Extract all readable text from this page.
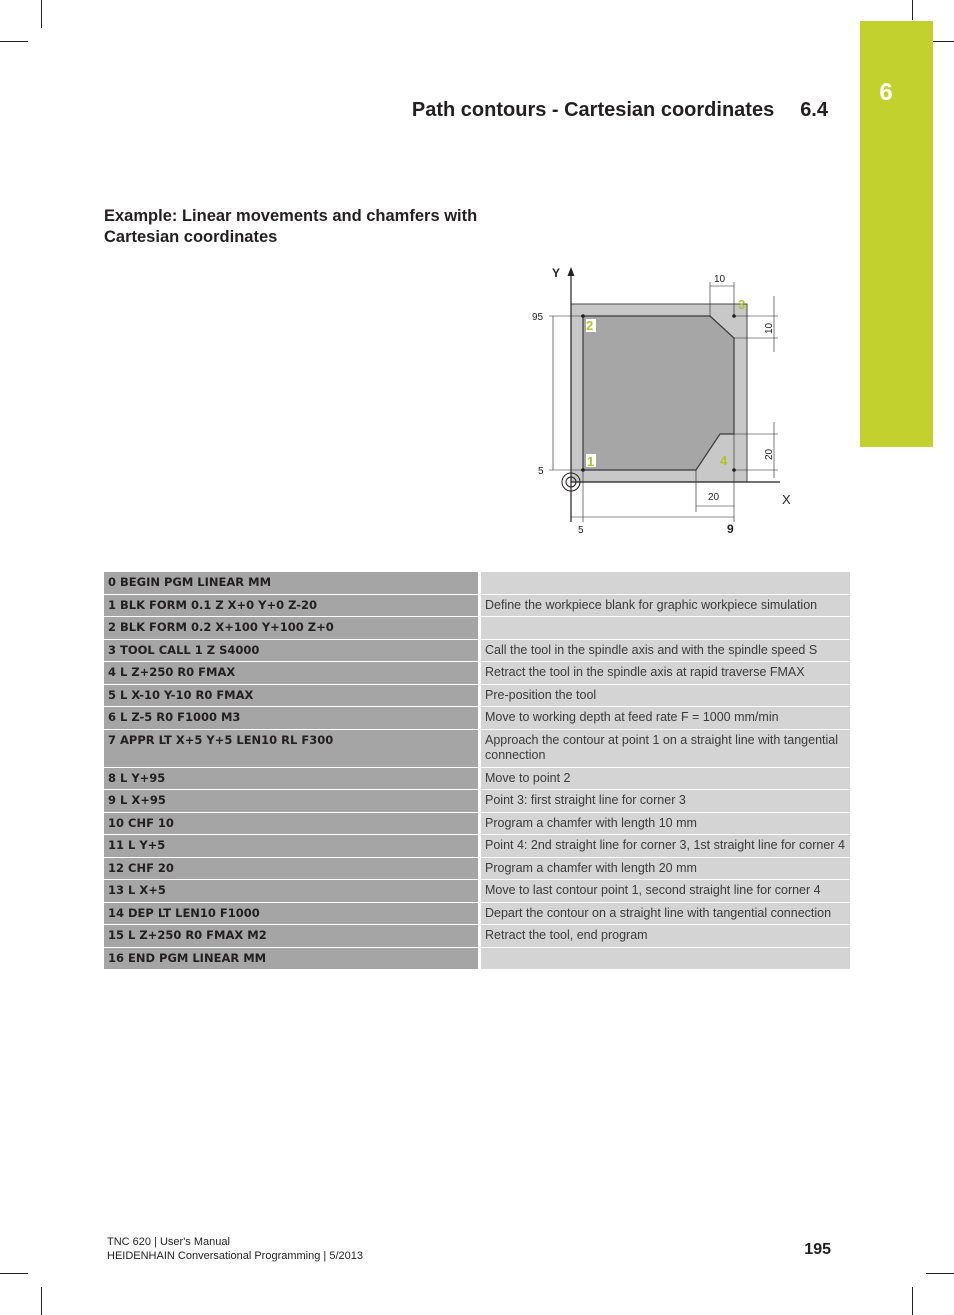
6
Path contours - Cartesian coordinates 6.4
Example: Linear movements and chamfers with
Cartesian coordinates
2
3
1	4
Y
X
10
95
5
5	9
20
10
20
0 BEGIN PGM LINEAR MM	
1 BLK FORM 0.1 Z X+0 Y+0 Z-20	Define the workpiece blank for graphic workpiece simulation
2 BLK FORM 0.2 X+100 Y+100 Z+0	
3 TOOL CALL 1 Z S4000	Call the tool in the spindle axis and with the spindle speed S
4 L Z+250 R0 FMAX	Retract the tool in the spindle axis at rapid traverse FMAX
5 L X-10 Y-10 R0 FMAX	Pre-position the tool
6 L Z-5 R0 F1000 M3	Move to working depth at feed rate F = 1000 mm/min
7 APPR LT X+5 Y+5 LEN10 RL F300	Approach the contour at point 1 on a straight line with tangential connection
8 L Y+95	Move to point 2
9 L X+95	Point 3: first straight line for corner 3
10 CHF 10	Program a chamfer with length 10 mm
11 L Y+5	Point 4: 2nd straight line for corner 3, 1st straight line for corner 4
12 CHF 20	Program a chamfer with length 20 mm
13 L X+5	Move to last contour point 1, second straight line for corner 4
14 DEP LT LEN10 F1000	Depart the contour on a straight line with tangential connection
15 L Z+250 R0 FMAX M2	Retract the tool, end program
16 END PGM LINEAR MM	
TNC 620 | User's Manual
HEIDENHAIN Conversational Programming | 5/2013	195
